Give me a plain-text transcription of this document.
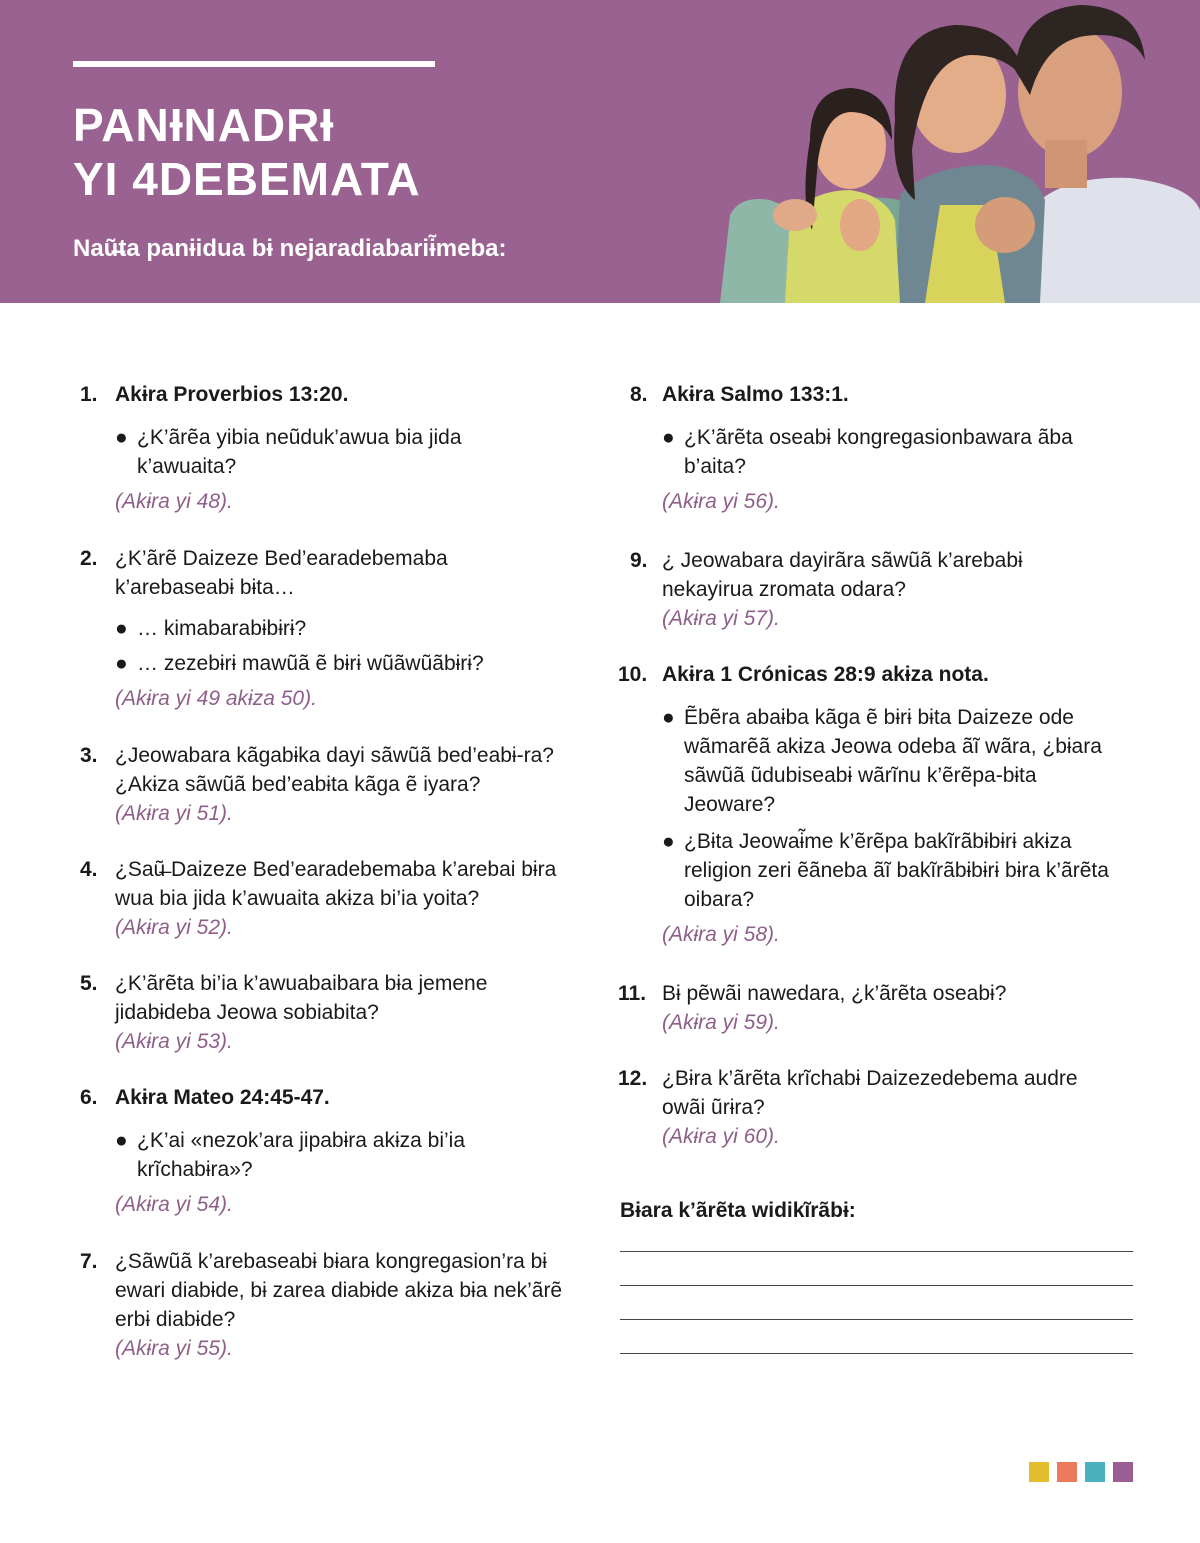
PANƗNADRƗ
YI 4DEBEMATA
Naũ̶ta panɨidua bɨ nejaradiabariɨ̃meba:
1. Akɨra Proverbios 13:20.
● ¿K’ãrẽa yibia neũduk’awua bia jida k’awuaita?
(Akɨra yi 48).
2. ¿K’ãrẽ Daizeze Bed’earadebemaba k’arebaseabɨ bɨta…
● … kimabarabɨbɨrɨ?
● … zezebɨrɨ mawũã ẽ bɨrɨ wũãwũãbɨrɨ?
(Akɨra yi 49 akɨza 50).
3. ¿Jeowabara kãgabɨka dayi sãwũã bed’eabɨ-ra? ¿Akɨza sãwũã bed’eabɨta kãga ẽ iyara?
(Akɨra yi 51).
4. ¿Saũ̶ Daizeze Bed’earadebemaba k’arebai bɨra wua bia jida k’awuaita akɨza bi’ia yoita?
(Akɨra yi 52).
5. ¿K’ãrẽta bi’ia k’awuabaibara bɨa jemene jidabɨdeba Jeowa sobiabita?
(Akɨra yi 53).
6. Akɨra Mateo 24:45-47.
● ¿K’ai «nezok’ara jipabɨra akɨza bi’ia krĩchabɨra»?
(Akɨra yi 54).
7. ¿Sãwũã k’arebaseabɨ bɨara kongregasion’ra bɨ ewari diabɨde, bɨ zarea diabɨde akɨza bɨa nek’ãrẽ erbɨ diabɨde?
(Akɨra yi 55).
8. Akɨra Salmo 133:1.
● ¿K’ãrẽta oseabɨ kongregasionbawara ãba b’aita?
(Akɨra yi 56).
9. ¿ Jeowabara dayirãra sãwũã k’arebabɨ nekayirua zromata odara?
(Akɨra yi 57).
10. Akɨra 1 Crónicas 28:9 akɨza nota.
● Ẽbẽra abaɨba kãga ẽ bɨrɨ bɨta Daizeze ode wãmarẽã akɨza Jeowa odeba ãĩ wãra, ¿bɨara sãwũã ũdubiseabɨ wãrĩnu k’ẽrẽpa-bɨta Jeoware?
● ¿Bɨta Jeowaɨ̃me k’ẽrẽpa bakĩrãbɨbɨrɨ akɨza religion zeri ẽãneba ãĩ bakĩrãbɨbɨrɨ bɨra k’ãrẽta oibara?
(Akɨra yi 58).
11. Bɨ pẽwãi nawedara, ¿k’ãrẽta oseabɨ?
(Akɨra yi 59).
12. ¿Bɨra k’ãrẽta krĩchabɨ Daizezedebema audre owãi ũrɨra?
(Akɨra yi 60).
Bɨara k’ãrẽta widikĩrãbɨ:
